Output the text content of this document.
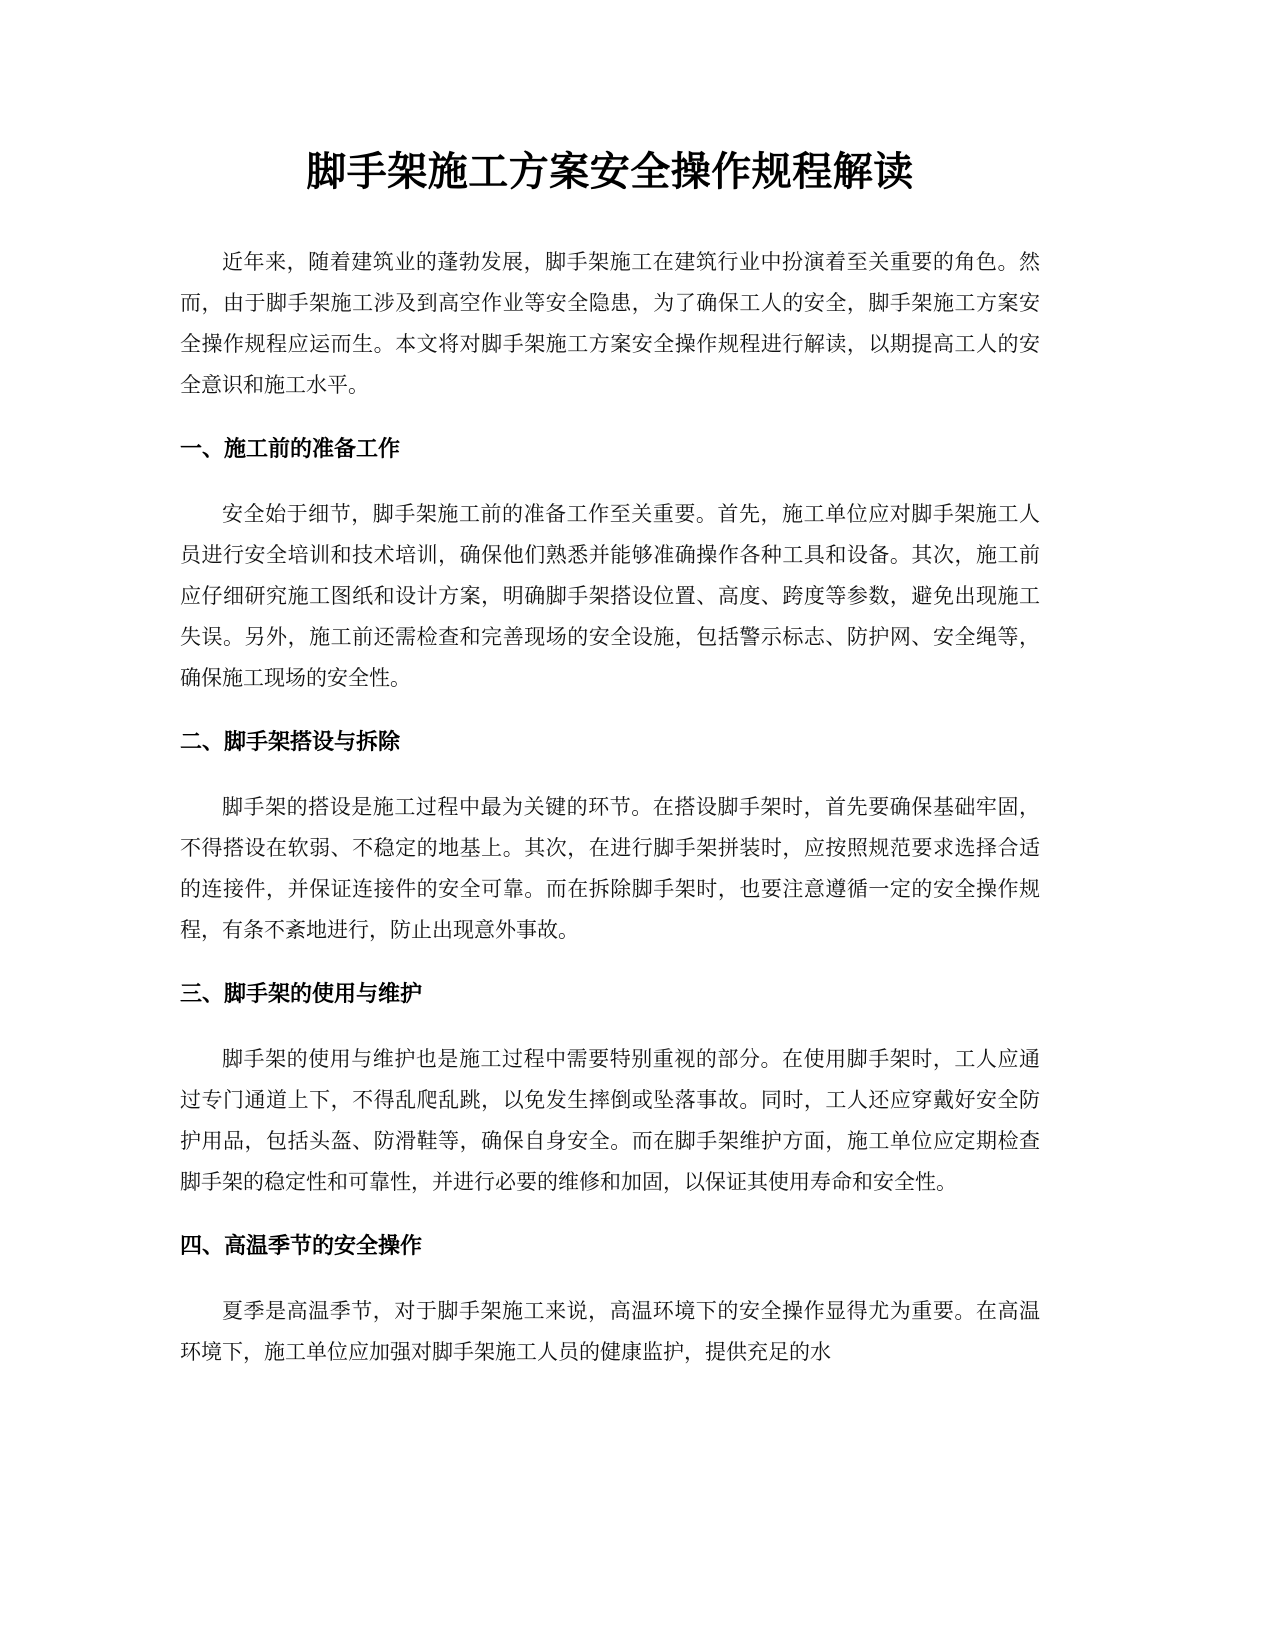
脚手架施工方案安全操作规程解读

近年来，随着建筑业的蓬勃发展，脚手架施工在建筑行业中扮演着至关重要的角色。然而，由于脚手架施工涉及到高空作业等安全隐患，为了确保工人的安全，脚手架施工方案安全操作规程应运而生。本文将对脚手架施工方案安全操作规程进行解读，以期提高工人的安全意识和施工水平。

一、施工前的准备工作

安全始于细节，脚手架施工前的准备工作至关重要。首先，施工单位应对脚手架施工人员进行安全培训和技术培训，确保他们熟悉并能够准确操作各种工具和设备。其次，施工前应仔细研究施工图纸和设计方案，明确脚手架搭设位置、高度、跨度等参数，避免出现施工失误。另外，施工前还需检查和完善现场的安全设施，包括警示标志、防护网、安全绳等，确保施工现场的安全性。

二、脚手架搭设与拆除

脚手架的搭设是施工过程中最为关键的环节。在搭设脚手架时，首先要确保基础牢固，不得搭设在软弱、不稳定的地基上。其次，在进行脚手架拼装时，应按照规范要求选择合适的连接件，并保证连接件的安全可靠。而在拆除脚手架时，也要注意遵循一定的安全操作规程，有条不紊地进行，防止出现意外事故。

三、脚手架的使用与维护

脚手架的使用与维护也是施工过程中需要特别重视的部分。在使用脚手架时，工人应通过专门通道上下，不得乱爬乱跳，以免发生摔倒或坠落事故。同时，工人还应穿戴好安全防护用品，包括头盔、防滑鞋等，确保自身安全。而在脚手架维护方面，施工单位应定期检查脚手架的稳定性和可靠性，并进行必要的维修和加固，以保证其使用寿命和安全性。

四、高温季节的安全操作

夏季是高温季节，对于脚手架施工来说，高温环境下的安全操作显得尤为重要。在高温环境下，施工单位应加强对脚手架施工人员的健康监护，提供充足的水
